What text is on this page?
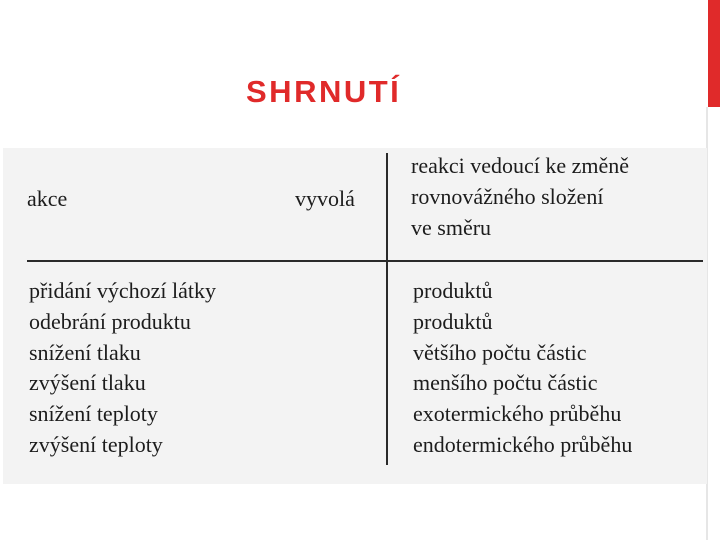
SHRNUTÍ
akce	vyvolá
reakci vedoucí ke změně
rovnovážného složení
ve směru
přidání výchozí látky
odebrání produktu
snížení tlaku
zvýšení tlaku
snížení teploty
zvýšení teploty
produktů
produktů
většího počtu částic
menšího počtu částic
exotermického průběhu
endotermického průběhu
